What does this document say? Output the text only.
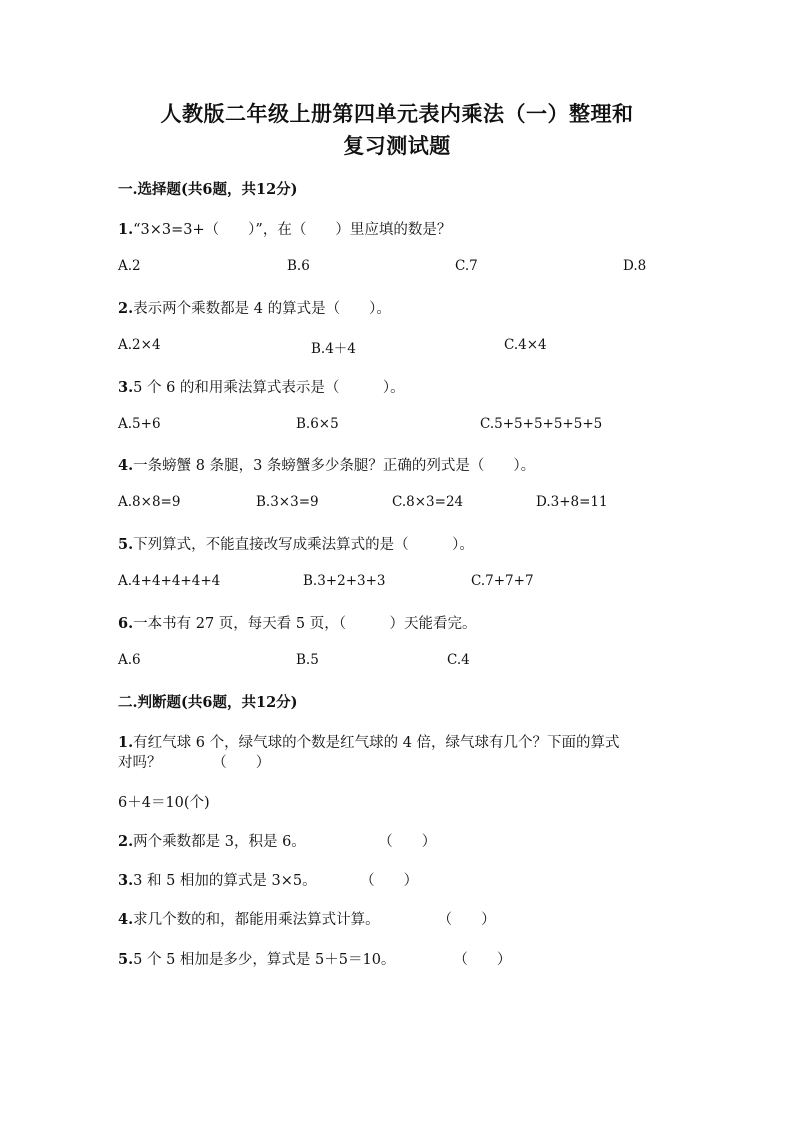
人教版二年级上册第四单元表内乘法（一）整理和
复习测试题
一.选择题(共6题，共12分)
1.“3×3=3+（　　）”，在（　　）里应填的数是？
A.2	B.6	C.7	D.8
2.表示两个乘数都是 4 的算式是（　　）。
A.2×4	B.4＋4	C.4×4
3.5 个 6 的和用乘法算式表示是（　　　）。
A.5+6	B.6×5	C.5+5+5+5+5+5
4.一条螃蟹 8 条腿，3 条螃蟹多少条腿？正确的列式是（　　）。
A.8×8=9	B.3×3=9	C.8×3=24	D.3+8=11
5.下列算式，不能直接改写成乘法算式的是（　　　）。
A.4+4+4+4+4	B.3+2+3+3	C.7+7+7
6.一本书有 27 页，每天看 5 页，（　　　）天能看完。
A.6	B.5	C.4
二.判断题(共6题，共12分)
1.有红气球 6 个，绿气球的个数是红气球的 4 倍，绿气球有几个？下面的算式
对吗？　　　　（　　）
6＋4＝10(个)
2.两个乘数都是 3，积是 6。　　　　　　（　　）
3.3 和 5 相加的算式是 3×5。　　　　（　　）
4.求几个数的和，都能用乘法算式计算。　　　　　（　　）
5.5 个 5 相加是多少，算式是 5＋5＝10。　　　　　（　　）
